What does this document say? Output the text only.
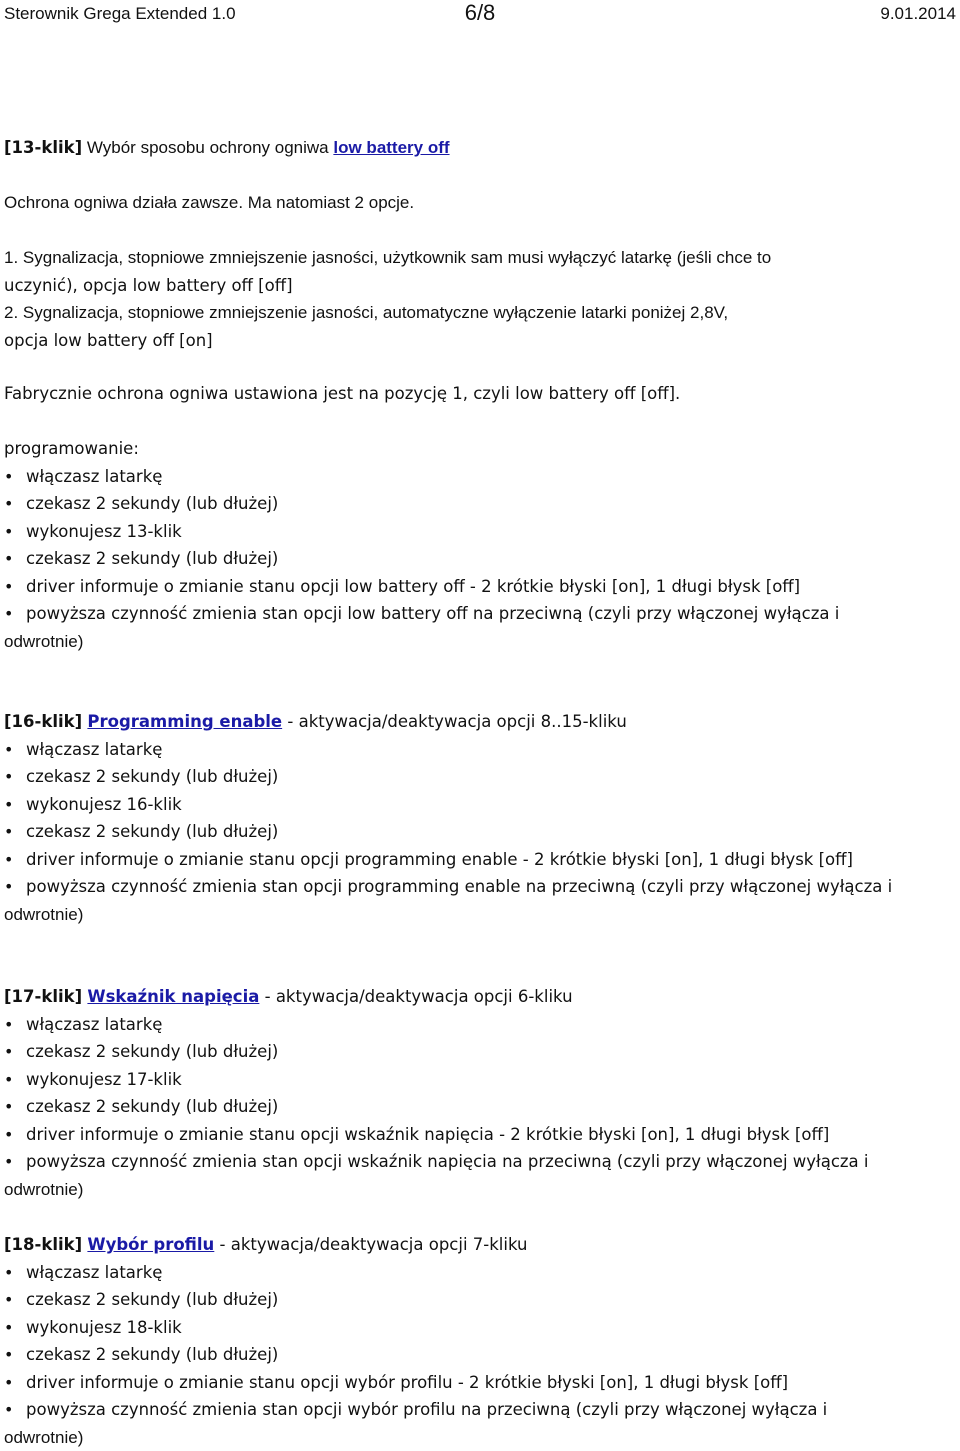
Sterownik Grega Extended 1.0	6/8	9.01.2014
[13-klik] Wybór sposobu ochrony ogniwa low battery off
Ochrona ogniwa działa zawsze. Ma natomiast 2 opcje.
1. Sygnalizacja, stopniowe zmniejszenie jasności, użytkownik sam musi wyłączyć latarkę (jeśli chce to
uczynić), opcja low battery off [off]
2. Sygnalizacja, stopniowe zmniejszenie jasności, automatyczne wyłączenie latarki poniżej 2,8V,
opcja low battery off [on]
Fabrycznie ochrona ogniwa ustawiona jest na pozycję 1, czyli low battery off [off].
programowanie:
• włączasz latarkę
• czekasz 2 sekundy (lub dłużej)
• wykonujesz 13-klik
• czekasz 2 sekundy (lub dłużej)
• driver informuje o zmianie stanu opcji low battery off - 2 krótkie błyski [on], 1 długi błysk [off]
• powyższa czynność zmienia stan opcji low battery off na przeciwną (czyli przy włączonej wyłącza i
odwrotnie)
[16-klik] Programming enable - aktywacja/deaktywacja opcji 8..15-kliku
• włączasz latarkę
• czekasz 2 sekundy (lub dłużej)
• wykonujesz 16-klik
• czekasz 2 sekundy (lub dłużej)
• driver informuje o zmianie stanu opcji programming enable - 2 krótkie błyski [on], 1 długi błysk [off]
• powyższa czynność zmienia stan opcji programming enable na przeciwną (czyli przy włączonej wyłącza i
odwrotnie)
[17-klik] Wskaźnik napięcia - aktywacja/deaktywacja opcji 6-kliku
• włączasz latarkę
• czekasz 2 sekundy (lub dłużej)
• wykonujesz 17-klik
• czekasz 2 sekundy (lub dłużej)
• driver informuje o zmianie stanu opcji wskaźnik napięcia - 2 krótkie błyski [on], 1 długi błysk [off]
• powyższa czynność zmienia stan opcji wskaźnik napięcia na przeciwną (czyli przy włączonej wyłącza i
odwrotnie)
[18-klik] Wybór profilu - aktywacja/deaktywacja opcji 7-kliku
• włączasz latarkę
• czekasz 2 sekundy (lub dłużej)
• wykonujesz 18-klik
• czekasz 2 sekundy (lub dłużej)
• driver informuje o zmianie stanu opcji wybór profilu - 2 krótkie błyski [on], 1 długi błysk [off]
• powyższa czynność zmienia stan opcji wybór profilu na przeciwną (czyli przy włączonej wyłącza i
odwrotnie)
